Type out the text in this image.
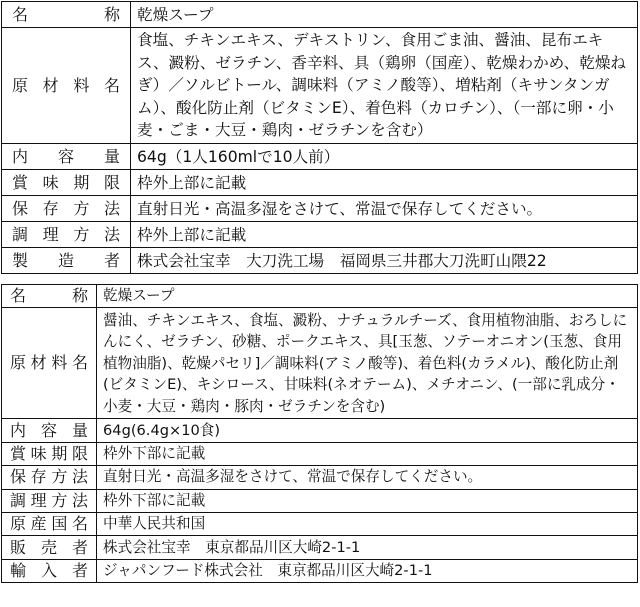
名　　称	乾燥スープ
原材料名	食塩、チキンエキス、デキストリン、食用ごま油、醤油、昆布エキス、澱粉、ゼラチン、香辛料、具（鶏卵（国産）、乾燥わかめ、乾燥ねぎ）／ソルビトール、調味料（アミノ酸等）、増粘剤（キサンタンガム）、酸化防止剤（ビタミンE）、着色料（カロチン）、（一部に卵・小麦・ごま・大豆・鶏肉・ゼラチンを含む）
内容量	64g（1人160mlで10人前）
賞味期限	枠外上部に記載
保存方法	直射日光・高温多湿をさけて、常温で保存してください。
調理方法	枠外上部に記載
製造者	株式会社宝幸　大刀洗工場　福岡県三井郡大刀洗町山隈22
名　　称	乾燥スープ
原材料名	醤油、チキンエキス、食塩、澱粉、ナチュラルチーズ、食用植物油脂、おろしにんにく、ゼラチン、砂糖、ポークエキス、具[玉葱、ソテーオニオン(玉葱、食用植物油脂)、乾燥パセリ]／調味料(アミノ酸等)、着色料(カラメル)、酸化防止剤(ビタミンE)、キシロース、甘味料(ネオテーム)、メチオニン、(一部に乳成分・小麦・大豆・鶏肉・豚肉・ゼラチンを含む)
内容量	64g(6.4g×10食)
賞味期限	枠外下部に記載
保存方法	直射日光・高温多湿をさけて、常温で保存してください。
調理方法	枠外下部に記載
原産国名	中華人民共和国
販売者	株式会社宝幸　東京都品川区大崎2-1-1
輸入者	ジャパンフード株式会社　東京都品川区大崎2-1-1
